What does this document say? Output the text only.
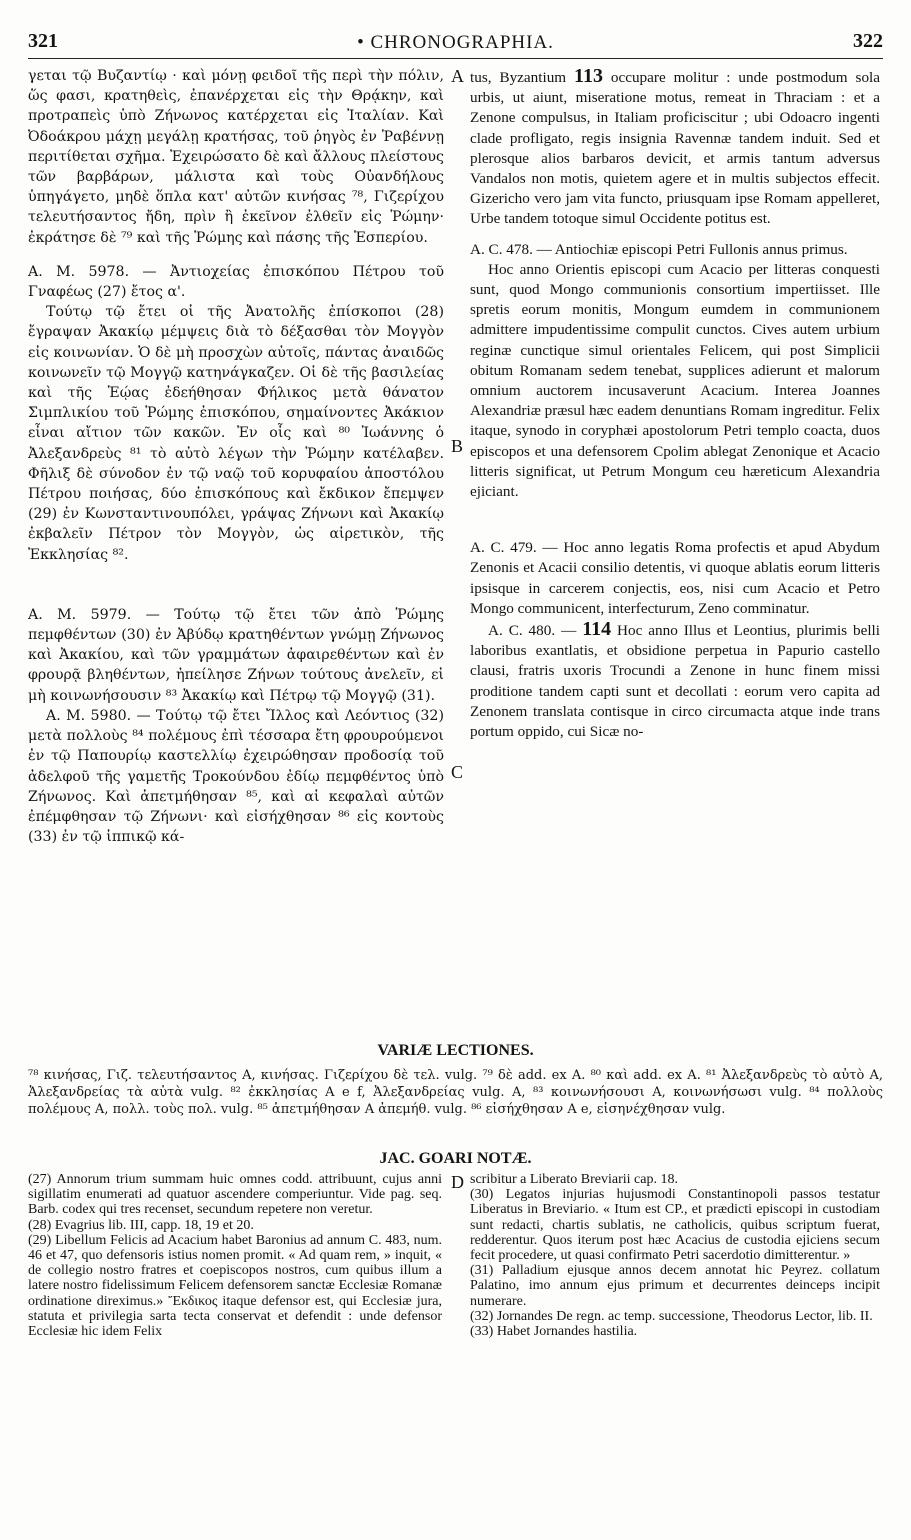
321	• CHRONOGRAPHIA.	322
A
B
C
D

γεται τῷ Βυζαντίῳ · καὶ μόνῃ φειδοῖ τῆς περὶ τὴν πόλιν, ὥς φασι, κρατηθεὶς, ἐπανέρχεται εἰς τὴν Θρᾴκην, καὶ προτραπεὶς ὑπὸ Ζήνωνος κατέρχεται εἰς Ἰταλίαν. Καὶ Ὀδοάκρου μάχῃ μεγάλῃ κρατήσας, τοῦ ῥηγὸς ἐν Ῥαβέννῃ περιτίθεται σχῆμα. Ἐχειρώσατο δὲ καὶ ἄλλους πλείστους τῶν βαρβάρων, μάλιστα καὶ τοὺς Οὐανδήλους ὑπηγάγετο, μηδὲ ὅπλα κατ' αὐτῶν κινήσας ⁷⁸, Γιζερίχου τελευτήσαντος ἤδη, πρὶν ἢ ἐκεῖνον ἐλθεῖν εἰς Ῥώμην· ἐκράτησε δὲ ⁷⁹ καὶ τῆς Ῥώμης καὶ πάσης τῆς Ἑσπερίου.

A. M. 5978. — Ἀντιοχείας ἐπισκόπου Πέτρου τοῦ Γναφέως (27) ἔτος α'.

Τούτῳ τῷ ἔτει οἱ τῆς Ἀνατολῆς ἐπίσκοποι (28) ἔγραψαν Ἀκακίῳ μέμψεις διὰ τὸ δέξασθαι τὸν Μογγὸν εἰς κοινωνίαν. Ὁ δὲ μὴ προσχὼν αὐτοῖς, πάντας ἀναιδῶς κοινωνεῖν τῷ Μογγῷ κατηνάγκαζεν. Οἱ δὲ τῆς βασιλείας καὶ τῆς Ἑῴας ἐδεήθησαν Φήλικος μετὰ θάνατον Σιμπλικίου τοῦ Ῥώμης ἐπισκόπου, σημαίνοντες Ἀκάκιον εἶναι αἴτιον τῶν κακῶν. Ἐν οἷς καὶ ⁸⁰ Ἰωάννης ὁ Ἀλεξανδρεὺς ⁸¹ τὸ αὐτὸ λέγων τὴν Ῥώμην κατέλαβεν. Φῆλιξ δὲ σύνοδον ἐν τῷ ναῷ τοῦ κορυφαίου ἀποστόλου Πέτρου ποιήσας, δύο ἐπισκόπους καὶ ἔκδικον ἔπεμψεν (29) ἐν Κωνσταντινουπόλει, γράψας Ζήνωνι καὶ Ἀκακίῳ ἐκβαλεῖν Πέτρον τὸν Μογγὸν, ὡς αἱρετικὸν, τῆς Ἐκκλησίας ⁸².

A. M. 5979. — Τούτῳ τῷ ἔτει τῶν ἀπὸ Ῥώμης πεμφθέντων (30) ἐν Ἀβύδῳ κρατηθέντων γνώμῃ Ζήνωνος καὶ Ἀκακίου, καὶ τῶν γραμμάτων ἀφαιρεθέντων καὶ ἐν φρουρᾷ βληθέντων, ἠπείλησε Ζήνων τούτους ἀνελεῖν, εἰ μὴ κοινωνήσουσιν ⁸³ Ἀκακίῳ καὶ Πέτρῳ τῷ Μογγῷ (31).

A. M. 5980. — Τούτῳ τῷ ἔτει Ἴλλος καὶ Λεόντιος (32) μετὰ πολλοὺς ⁸⁴ πολέμους ἐπὶ τέσσαρα ἔτη φρουρούμενοι ἐν τῷ Παπουρίῳ καστελλίῳ ἐχειρώθησαν προδοσίᾳ τοῦ ἀδελφοῦ τῆς γαμετῆς Τροκούνδου ἐδίῳ πεμφθέντος ὑπὸ Ζήνωνος. Καὶ ἀπετμήθησαν ⁸⁵, καὶ αἱ κεφαλαὶ αὐτῶν ἐπέμφθησαν τῷ Ζήνωνι· καὶ εἰσήχθησαν ⁸⁶ εἰς κοντοὺς (33) ἐν τῷ ἱππικῷ κά-

tus, Byzantium 113 occupare molitur : unde postmodum sola urbis, ut aiunt, miseratione motus, remeat in Thraciam : et a Zenone compulsus, in Italiam proficiscitur ; ubi Odoacro ingenti clade profligato, regis insignia Ravennæ tandem induit. Sed et plerosque alios barbaros devicit, et armis tantum adversus Vandalos non motis, quietem agere et in multis subjectos effecit. Gizericho vero jam vita functo, priusquam ipse Romam appelleret, Urbe tandem totoque simul Occidente potitus est.

A. C. 478. — Antiochiæ episcopi Petri Fullonis annus primus.

Hoc anno Orientis episcopi cum Acacio per litteras conquesti sunt, quod Mongo communionis consortium impertiisset. Ille spretis eorum monitis, Mongum eumdem in communionem admittere impudentissime compulit cunctos. Cives autem urbium reginæ cunctique simul orientales Felicem, qui post Simplicii obitum Romanam sedem tenebat, supplices adierunt et malorum omnium auctorem incusaverunt Acacium. Interea Joannes Alexandriæ præsul hæc eadem denuntians Romam ingreditur. Felix itaque, synodo in coryphæi apostolorum Petri templo coacta, duos episcopos et una defensorem Cpolim ablegat Zenonique et Acacio litteris significat, ut Petrum Mongum ceu hæreticum Alexandria ejiciant.

A. C. 479. — Hoc anno legatis Roma profectis et apud Abydum Zenonis et Acacii consilio detentis, vi quoque ablatis eorum litteris ipsisque in carcerem conjectis, eos, nisi cum Acacio et Petro Mongo communicent, interfecturum, Zeno comminatur.

A. C. 480. — 114 Hoc anno Illus et Leontius, plurimis belli laboribus exantlatis, et obsidione perpetua in Papurio castello clausi, fratris uxoris Trocundi a Zenone in hunc finem missi proditione tandem capti sunt et decollati : eorum vero capita ad Zenonem translata contisque in circo circumacta atque inde trans portum oppido, cui Sicæ no-

VARIÆ LECTIONES.
⁷⁸ κινήσας, Γιζ. τελευτήσαντος A, κινήσας. Γιζερίχου δὲ τελ. vulg. ⁷⁹ δὲ add. ex A. ⁸⁰ καὶ add. ex A. ⁸¹ Ἀλεξανδρεὺς τὸ αὐτὸ A, Ἀλεξανδρείας τὰ αὐτὰ vulg. ⁸² ἐκκλησίας A e f, Ἀλεξανδρείας vulg. A, ⁸³ κοινωνήσουσι A, κοινωνήσωσι vulg. ⁸⁴ πολλοὺς πολέμους A, πολλ. τοὺς πολ. vulg. ⁸⁵ ἀπετμήθησαν A ἀπεμήθ. vulg. ⁸⁶ εἰσήχθησαν A e, εἰσηνέχθησαν vulg.
JAC. GOARI NOTÆ.

(27) Annorum trium summam huic omnes codd. attribuunt, cujus anni sigillatim enumerati ad quatuor ascendere comperiuntur. Vide pag. seq. Barb. codex qui tres recenset, secundum repetere non veretur.

(28) Evagrius lib. III, capp. 18, 19 et 20.

(29) Libellum Felicis ad Acacium habet Baronius ad annum C. 483, num. 46 et 47, quo defensoris istius nomen promit. « Ad quam rem, » inquit, « de collegio nostro fratres et coepiscopos nostros, cum quibus illum a latere nostro fidelissimum Felicem defensorem sanctæ Ecclesiæ Romanæ ordinatione direximus.» Ἔκδικος itaque defensor est, qui Ecclesiæ jura, statuta et privilegia sarta tecta conservat et defendit : unde defensor Ecclesiæ hic idem Felix

scribitur a Liberato Breviarii cap. 18.

(30) Legatos injurias hujusmodi Constantinopoli passos testatur Liberatus in Breviario. « Itum est CP., et prædicti episcopi in custodiam sunt redacti, chartis sublatis, ne catholicis, quibus scriptum fuerat, redderentur. Quos iterum post hæc Acacius de custodia ejiciens secum fecit procedere, ut quasi confirmato Petri sacerdotio dimitterentur. »

(31) Palladium ejusque annos decem annotat hic Peyrez. collatum Palatino, imo annum ejus primum et decurrentes deinceps incipit numerare.

(32) Jornandes De regn. ac temp. successione, Theodorus Lector, lib. II.

(33) Habet Jornandes hastilia.
